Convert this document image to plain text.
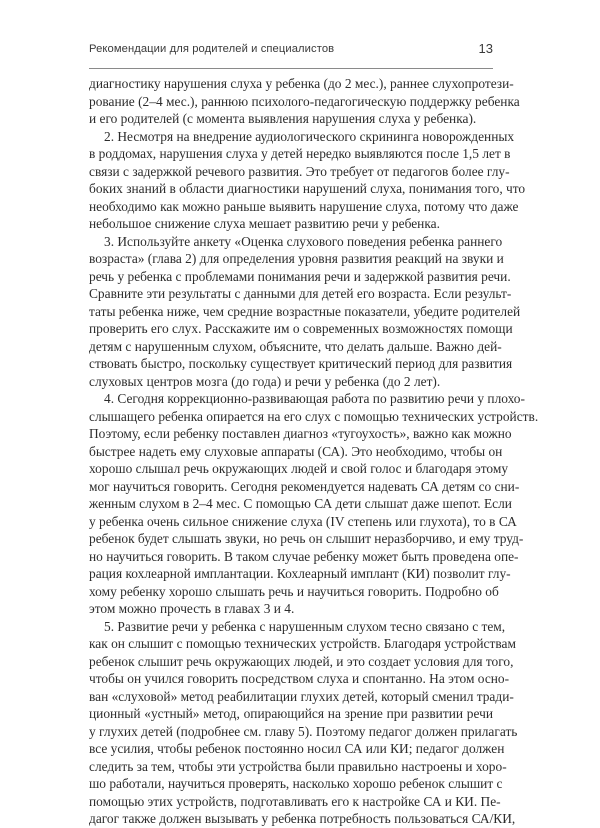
Рекомендации для родителей и специалистов	13
диагностику нарушения слуха у ребенка (до 2 мес.), раннее слухопротези-
рование (2–4 мес.), раннюю психолого-педагогическую поддержку ребенка
и его родителей (с момента выявления нарушения слуха у ребенка).
2. Несмотря на внедрение аудиологического скрининга новорожденных
в роддомах, нарушения слуха у детей нередко выявляются после 1,5 лет в
связи с задержкой речевого развития. Это требует от педагогов более глу-
боких знаний в области диагностики нарушений слуха, понимания того, что
необходимо как можно раньше выявить нарушение слуха, потому что даже
небольшое снижение слуха мешает развитию речи у ребенка.
3. Используйте анкету «Оценка слухового поведения ребенка раннего
возраста» (глава 2) для определения уровня развития реакций на звуки и
речь у ребенка с проблемами понимания речи и задержкой развития речи.
Сравните эти результаты с данными для детей его возраста. Если результ-
таты ребенка ниже, чем средние возрастные показатели, убедите родителей
проверить его слух. Расскажите им о современных возможностях помощи
детям с нарушенным слухом, объясните, что делать дальше. Важно дей-
ствовать быстро, поскольку существует критический период для развития
слуховых центров мозга (до года) и речи у ребенка (до 2 лет).
4. Сегодня коррекционно-развивающая работа по развитию речи у плохо-
слышащего ребенка опирается на его слух с помощью технических устройств.
Поэтому, если ребенку поставлен диагноз «тугоухость», важно как можно
быстрее надеть ему слуховые аппараты (СА). Это необходимо, чтобы он
хорошо слышал речь окружающих людей и свой голос и благодаря этому
мог научиться говорить. Сегодня рекомендуется надевать СА детям со сни-
женным слухом в 2–4 мес. С помощью СА дети слышат даже шепот. Если
у ребенка очень сильное снижение слуха (IV степень или глухота), то в СА
ребенок будет слышать звуки, но речь он слышит неразборчиво, и ему труд-
но научиться говорить. В таком случае ребенку может быть проведена опе-
рация кохлеарной имплантации. Кохлеарный имплант (КИ) позволит глу-
хому ребенку хорошо слышать речь и научиться говорить. Подробно об
этом можно прочесть в главах 3 и 4.
5. Развитие речи у ребенка с нарушенным слухом тесно связано с тем,
как он слышит с помощью технических устройств. Благодаря устройствам
ребенок слышит речь окружающих людей, и это создает условия для того,
чтобы он учился говорить посредством слуха и спонтанно. На этом осно-
ван «слуховой» метод реабилитации глухих детей, который сменил тради-
ционный «устный» метод, опирающийся на зрение при развитии речи
у глухих детей (подробнее см. главу 5). Поэтому педагог должен прилагать
все усилия, чтобы ребенок постоянно носил СА или КИ; педагог должен
следить за тем, чтобы эти устройства были правильно настроены и хоро-
шо работали, научиться проверять, насколько хорошо ребенок слышит с
помощью этих устройств, подготавливать его к настройке СА и КИ. Пе-
дагог также должен вызывать у ребенка потребность пользоваться СА/КИ,
